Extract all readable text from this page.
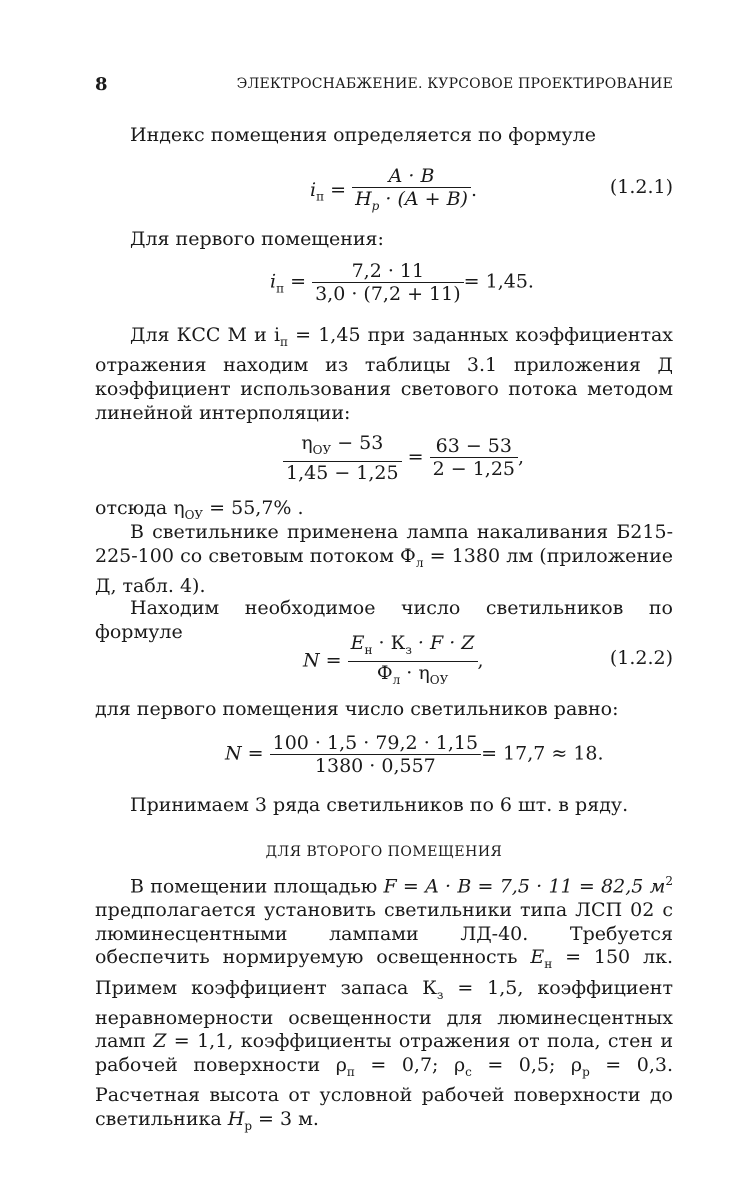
8	ЭЛЕКТРОСНАБЖЕНИЕ. КУРСОВОЕ ПРОЕКТИРОВАНИЕ
Индекс помещения определяется по формуле
$i_п = \frac{A \cdot B}{H_p \cdot (A + B)}$ .	(1.2.1)
Для первого помещения:
$i_п = \frac{7,2 \cdot 11}{3,0 \cdot (7,2 + 11)} = 1,45$.
Для КСС М и $i_п = 1,45$ при заданных коэффициентах отражения находим из таблицы 3.1 приложения Д коэффициент использования светового потока методом линейной интерполяции:
$\frac{\eta_{ОУ} - 53}{1,45 - 1,25} = \frac{63 - 53}{2 - 1,25}$ ,
отсюда $\eta_{ОУ} = 55,7\%$ .
В светильнике применена лампа накаливания Б215-225-100 со световым потоком $Ф_л = 1380$ лм (приложение Д, табл. 4).
Находим необходимое число светильников по формуле
$N = \frac{E_н \cdot К_з \cdot F \cdot Z}{Ф_л \cdot \eta_{ОУ}}$ ,	(1.2.2)
для первого помещения число светильников равно:
$N = \frac{100 \cdot 1,5 \cdot 79,2 \cdot 1,15}{1380 \cdot 0,557} = 17,7 \approx 18$.
Принимаем 3 ряда светильников по 6 шт. в ряду.
ДЛЯ ВТОРОГО ПОМЕЩЕНИЯ
В помещении площадью F = A · B = 7,5 · 11 = 82,5 $м^2$ предполагается установить светильники типа ЛСП 02 с люминесцентными лампами ЛД-40. Требуется обеспечить нормируемую освещенность $E_н = 150$ лк. Примем коэффициент запаса $К_з = 1,5$, коэффициент неравномерности освещенности для люминесцентных ламп Z = 1,1, коэффициенты отражения от пола, стен и рабочей поверхности $\rho_п = 0,7$; $\rho_с = 0,5$; $\rho_р = 0,3$. Расчетная высота от условной рабочей поверхности до светильника $H_р = 3$ м.
